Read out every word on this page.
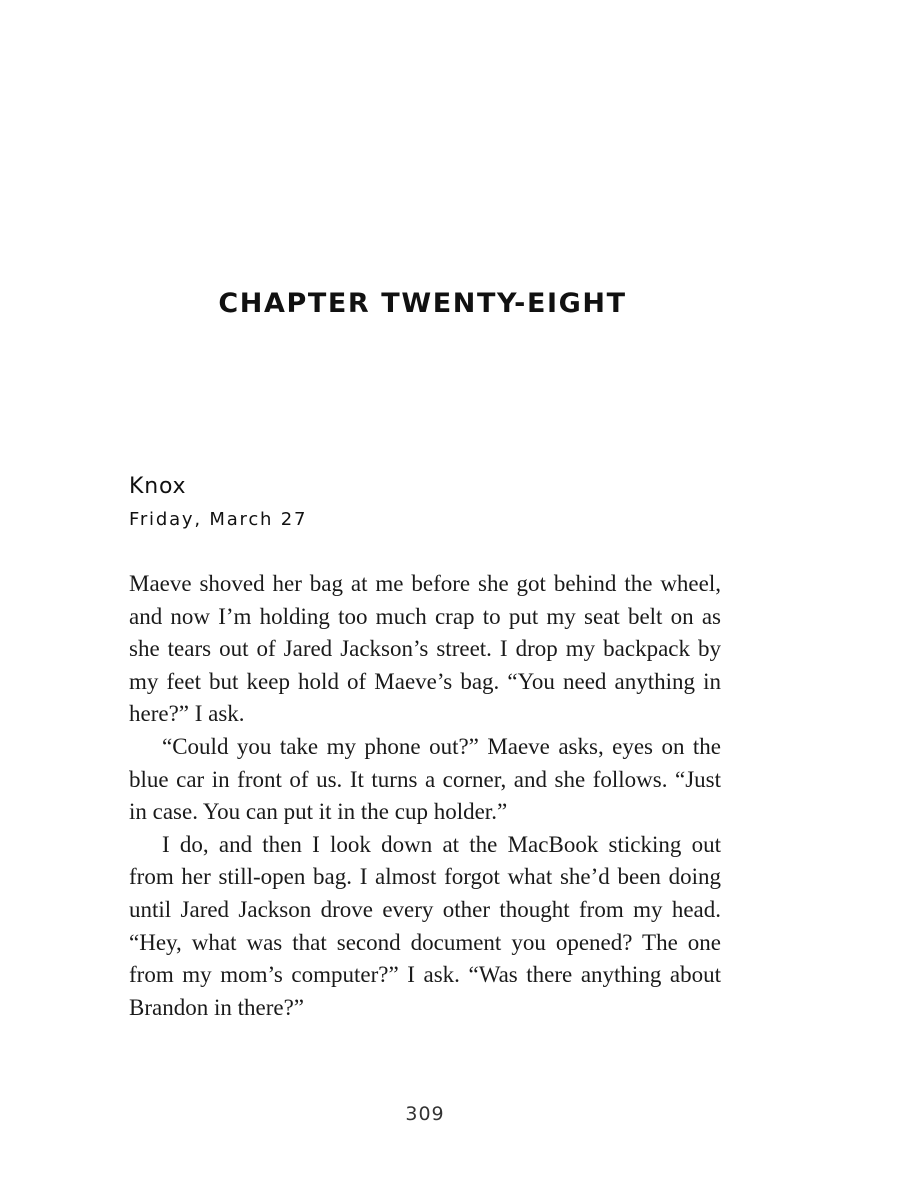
CHAPTER TWENTY-EIGHT
Knox
Friday, March 27
Maeve shoved her bag at me before she got behind the wheel,
and now I’m holding too much crap to put my seat belt on as
she tears out of Jared Jackson’s street. I drop my backpack by
my feet but keep hold of Maeve’s bag. “You need anything in
here?” I ask.
“Could you take my phone out?” Maeve asks, eyes on the
blue car in front of us. It turns a corner, and she follows. “Just
in case. You can put it in the cup holder.”
I do, and then I look down at the MacBook sticking out
from her still-open bag. I almost forgot what she’d been doing
until Jared Jackson drove every other thought from my head.
“Hey, what was that second document you opened? The one
from my mom’s computer?” I ask. “Was there anything about
Brandon in there?”
309
